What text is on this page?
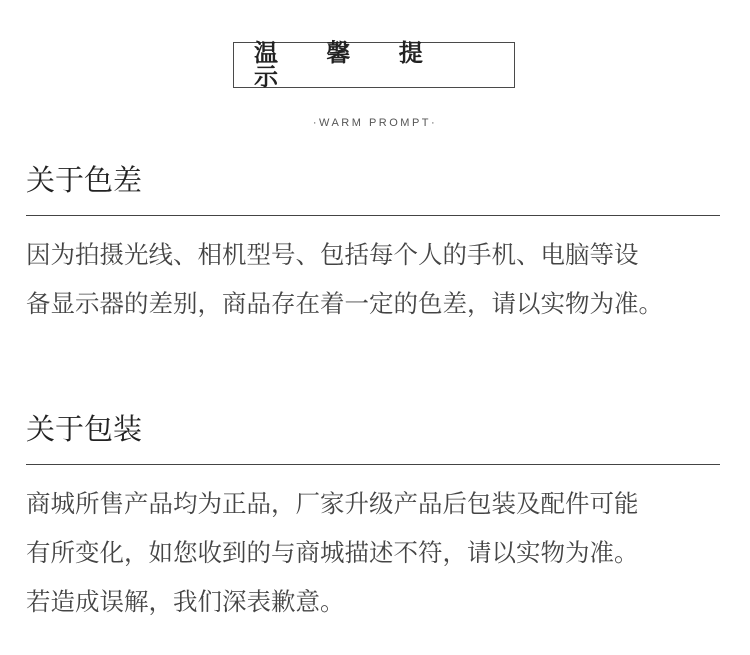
温 馨 提 示
·WARM PROMPT·
关于色差
因为拍摄光线、相机型号、包括每个人的手机、电脑等设
备显示器的差别，商品存在着一定的色差，请以实物为准。
关于包装
商城所售产品均为正品，厂家升级产品后包装及配件可能
有所变化，如您收到的与商城描述不符，请以实物为准。
若造成误解，我们深表歉意。
